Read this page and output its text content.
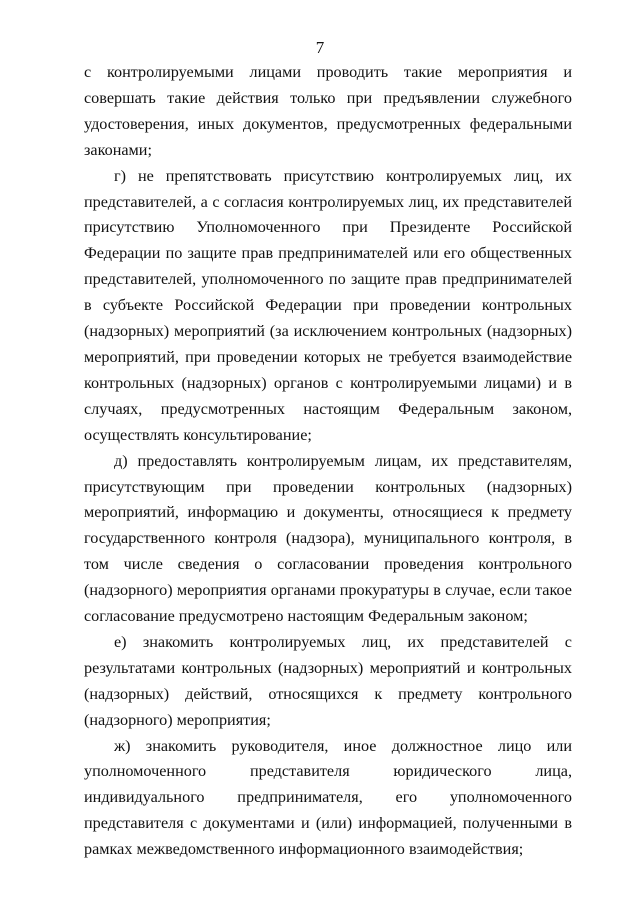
7

с контролируемыми лицами проводить такие мероприятия и совершать такие действия только при предъявлении служебного удостоверения, иных документов, предусмотренных федеральными законами;

г) не препятствовать присутствию контролируемых лиц, их представителей, а с согласия контролируемых лиц, их представителей присутствию Уполномоченного при Президенте Российской Федерации по защите прав предпринимателей или его общественных представителей, уполномоченного по защите прав предпринимателей в субъекте Российской Федерации при проведении контрольных (надзорных) мероприятий (за исключением контрольных (надзорных) мероприятий, при проведении которых не требуется взаимодействие контрольных (надзорных) органов с контролируемыми лицами) и в случаях, предусмотренных настоящим Федеральным законом, осуществлять консультирование;

д) предоставлять контролируемым лицам, их представителям, присутствующим при проведении контрольных (надзорных) мероприятий, информацию и документы, относящиеся к предмету государственного контроля (надзора), муниципального контроля, в том числе сведения о согласовании проведения контрольного (надзорного) мероприятия органами прокуратуры в случае, если такое согласование предусмотрено настоящим Федеральным законом;

е) знакомить контролируемых лиц, их представителей с результатами контрольных (надзорных) мероприятий и контрольных (надзорных) действий, относящихся к предмету контрольного (надзорного) мероприятия;

ж) знакомить руководителя, иное должностное лицо или уполномоченного представителя юридического лица, индивидуального предпринимателя, его уполномоченного представителя с документами и (или) информацией, полученными в рамках межведомственного информационного взаимодействия;
